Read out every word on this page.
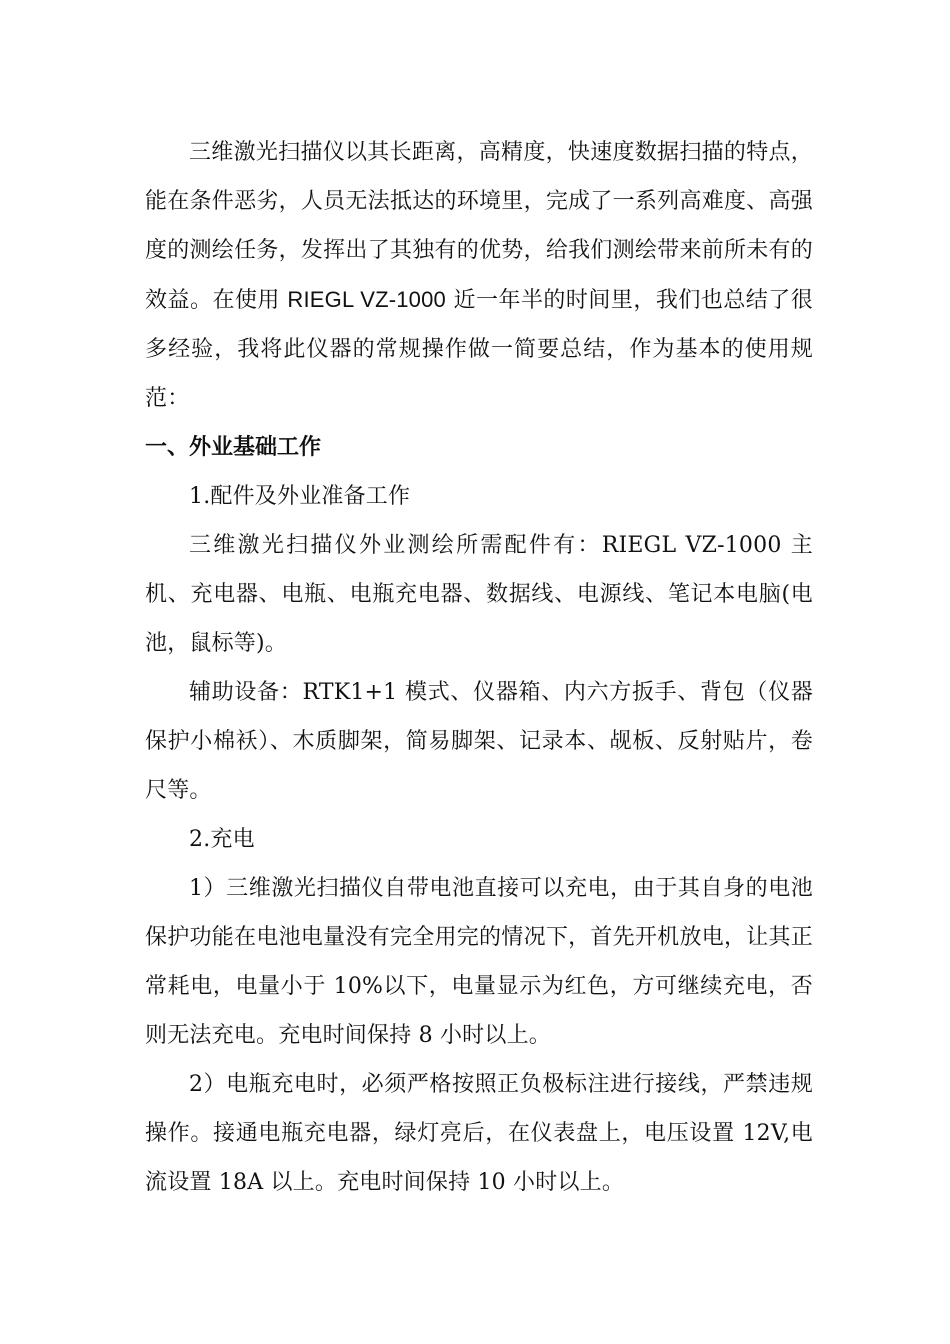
三维激光扫描仪以其长距离，高精度，快速度数据扫描的特点，能在条件恶劣，人员无法抵达的环境里，完成了一系列高难度、高强度的测绘任务，发挥出了其独有的优势，给我们测绘带来前所未有的效益。在使用 RIEGL VZ-1000 近一年半的时间里，我们也总结了很多经验，我将此仪器的常规操作做一简要总结，作为基本的使用规范：

一、外业基础工作

1.配件及外业准备工作

三维激光扫描仪外业测绘所需配件有：RIEGL VZ-1000 主机、充电器、电瓶、电瓶充电器、数据线、电源线、笔记本电脑(电池，鼠标等)。

辅助设备：RTK1+1 模式、仪器箱、内六方扳手、背包（仪器保护小棉袄）、木质脚架，简易脚架、记录本、觇板、反射贴片，卷尺等。

2.充电

1）三维激光扫描仪自带电池直接可以充电，由于其自身的电池保护功能在电池电量没有完全用完的情况下，首先开机放电，让其正常耗电，电量小于 10%以下，电量显示为红色，方可继续充电，否则无法充电。充电时间保持 8 小时以上。

2）电瓶充电时，必须严格按照正负极标注进行接线，严禁违规操作。接通电瓶充电器，绿灯亮后，在仪表盘上，电压设置 12V,电流设置 18A 以上。充电时间保持 10 小时以上。
